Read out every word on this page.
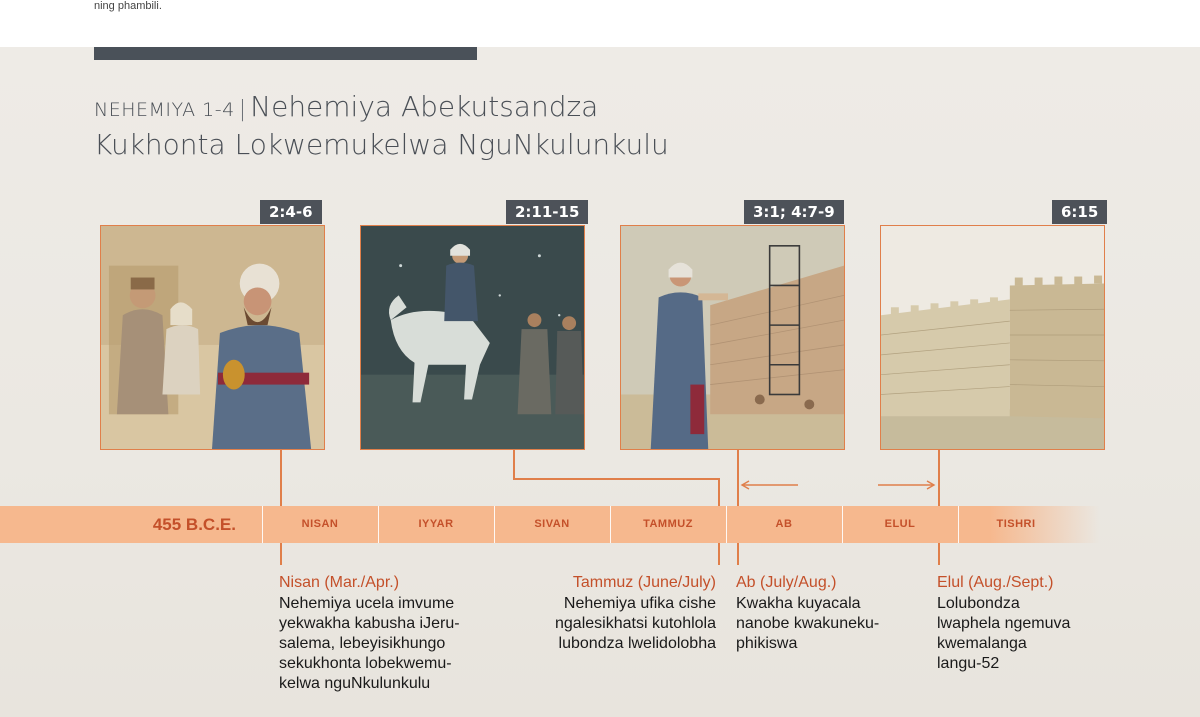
ning phambili.
NEHEMIYA 1-4 | Nehemiya Abekutsandza
Kukhonta Lokwemukelwa NguNkulunkulu
2:4-6	2:11-15	3:1; 4:7-9	6:15
455 B.C.E.	NISAN	IYYAR	SIVAN	TAMMUZ	AB	ELUL	TISHRI
Nisan (Mar./Apr.)
Nehemiya ucela imvume
yekwakha kabusha iJeru-
salema, lebeyisikhungo
sekukhonta lobekwemu-
kelwa nguNkulunkulu
Tammuz (June/July)
Nehemiya ufika cishe
ngalesikhatsi kutohlola
lubondza lwelidolobha
Ab (July/Aug.)
Kwakha kuyacala
nanobe kwakuneku-
phikiswa
Elul (Aug./Sept.)
Lolubondza
lwaphela ngemuva
kwemalanga
langu-52
